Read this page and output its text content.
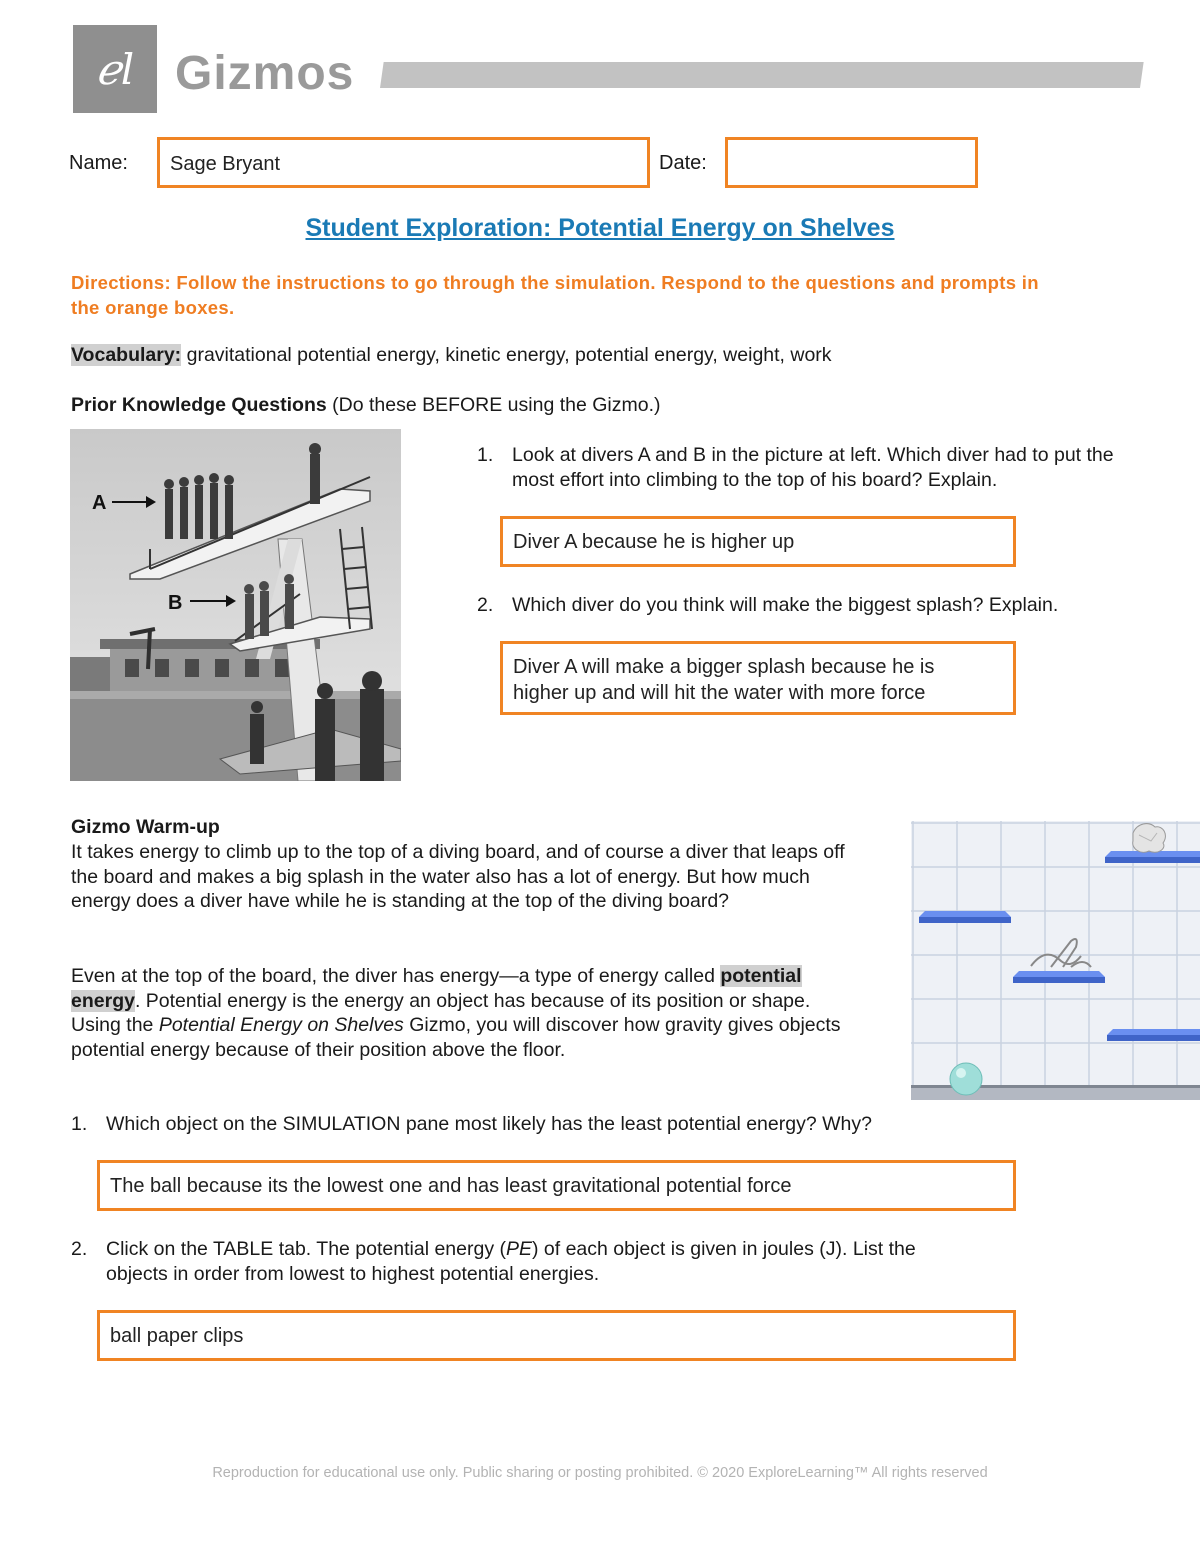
ℯl Gizmos
Name: Sage Bryant	Date:
Student Exploration: Potential Energy on Shelves
Directions: Follow the instructions to go through the simulation. Respond to the questions and prompts in the orange boxes.
Vocabulary: gravitational potential energy, kinetic energy, potential energy, weight, work
Prior Knowledge Questions (Do these BEFORE using the Gizmo.)
A
B
1. Look at divers A and B in the picture at left. Which diver had to put the most effort into climbing to the top of his board? Explain.
Diver A because he is higher up
2. Which diver do you think will make the biggest splash? Explain.
Diver A will make a bigger splash because he is higher up and will hit the water with more force
Gizmo Warm-up
It takes energy to climb up to the top of a diving board, and of course a diver that leaps off the board and makes a big splash in the water also has a lot of energy. But how much energy does a diver have while he is standing at the top of the diving board?
Even at the top of the board, the diver has energy—a type of energy called potential energy. Potential energy is the energy an object has because of its position or shape. Using the Potential Energy on Shelves Gizmo, you will discover how gravity gives objects potential energy because of their position above the floor.
1. Which object on the SIMULATION pane most likely has the least potential energy? Why?
The ball because its the lowest one and has least gravitational potential force
2. Click on the TABLE tab. The potential energy (PE) of each object is given in joules (J). List the objects in order from lowest to highest potential energies.
ball paper clips
Reproduction for educational use only. Public sharing or posting prohibited. © 2020 ExploreLearning™ All rights reserved
